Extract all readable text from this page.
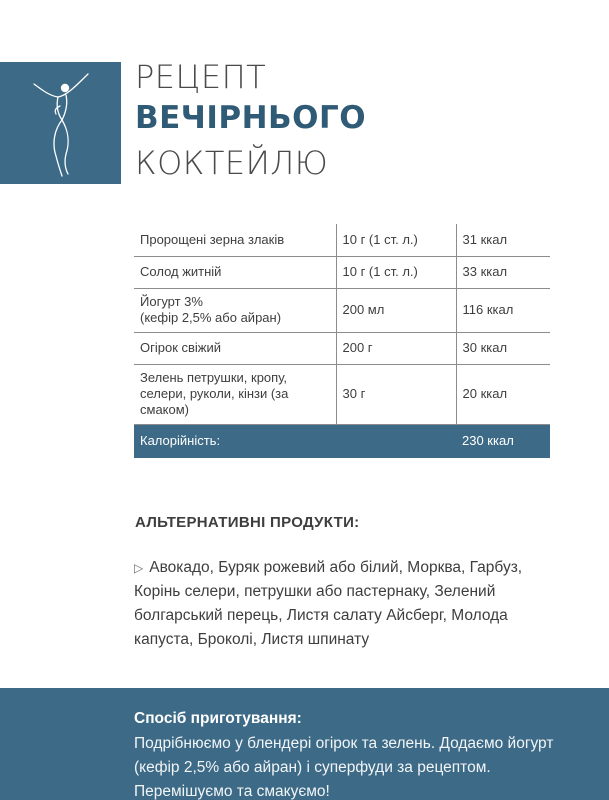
РЕЦЕПТ
ВЕЧІРНЬОГО
КОКТЕЙЛЮ
Пророщені зерна злаків	10 г (1 ст. л.)	31 ккал
Солод житній	10 г (1 ст. л.)	33 ккал
Йогурт 3%
(кефір 2,5% або айран)	200 мл	116 ккал
Огірок свіжий	200 г	30 ккал
Зелень петрушки, кропу, селери, руколи, кінзи (за смаком)	30 г	20 ккал
Калорійність:		230 ккал
АЛЬТЕРНАТИВНІ ПРОДУКТИ:
▷ Авокадо, Буряк рожевий або білий, Морква, Гарбуз, Корінь селери, петрушки або пастернаку, Зелений болгарський перець, Листя салату Айсберг, Молода капуста, Броколі, Листя шпинату
Спосіб приготування:
Подрібнюємо у блендері огірок та зелень. Додаємо йогурт (кефір 2,5% або айран) і суперфуди за рецептом. Перемішуємо та смакуємо!
